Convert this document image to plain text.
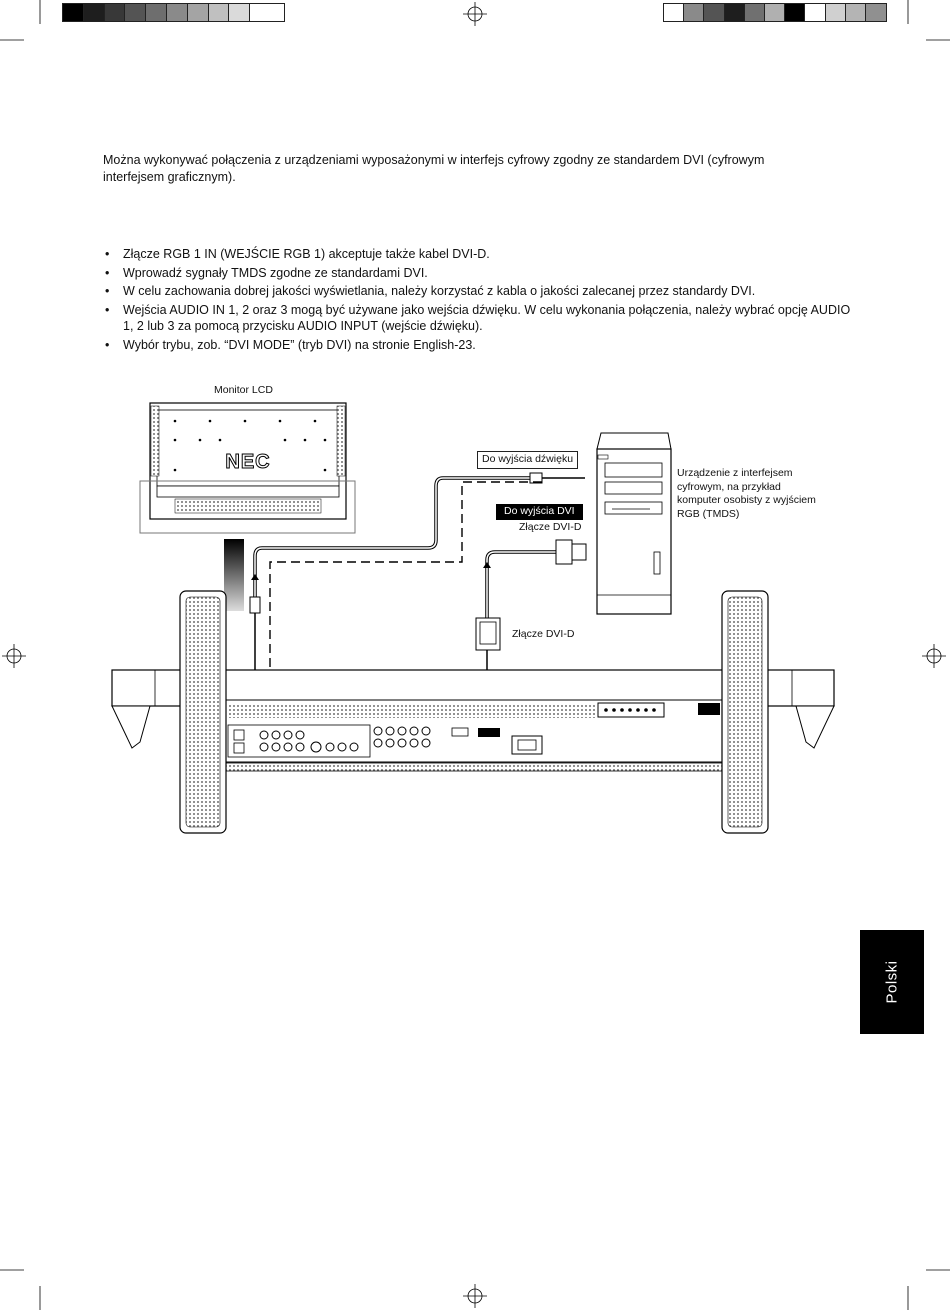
Można wykonywać połączenia z urządzeniami wyposażonymi w interfejs cyfrowy zgodny ze standardem DVI (cyfrowym interfejsem graficznym).

• Złącze RGB 1 IN (WEJŚCIE RGB 1) akceptuje także kabel DVI-D.
• Wprowadź sygnały TMDS zgodne ze standardami DVI.
• W celu zachowania dobrej jakości wyświetlania, należy korzystać z kabla o jakości zalecanej przez standardy DVI.
• Wejścia AUDIO IN 1, 2 oraz 3 mogą być używane jako wejścia dźwięku. W celu wykonania połączenia, należy wybrać opcję AUDIO 1, 2 lub 3 za pomocą przycisku AUDIO INPUT (wejście dźwięku).
• Wybór trybu, zob. “DVI MODE” (tryb DVI) na stronie English-23.
NEC
Monitor LCD
Do wyjścia dźwięku
Do wyjścia DVI
Złącze DVI-D
Złącze DVI-D
Urządzenie z interfejsem cyfrowym, na przykład komputer osobisty z wyjściem RGB (TMDS)
Polski
